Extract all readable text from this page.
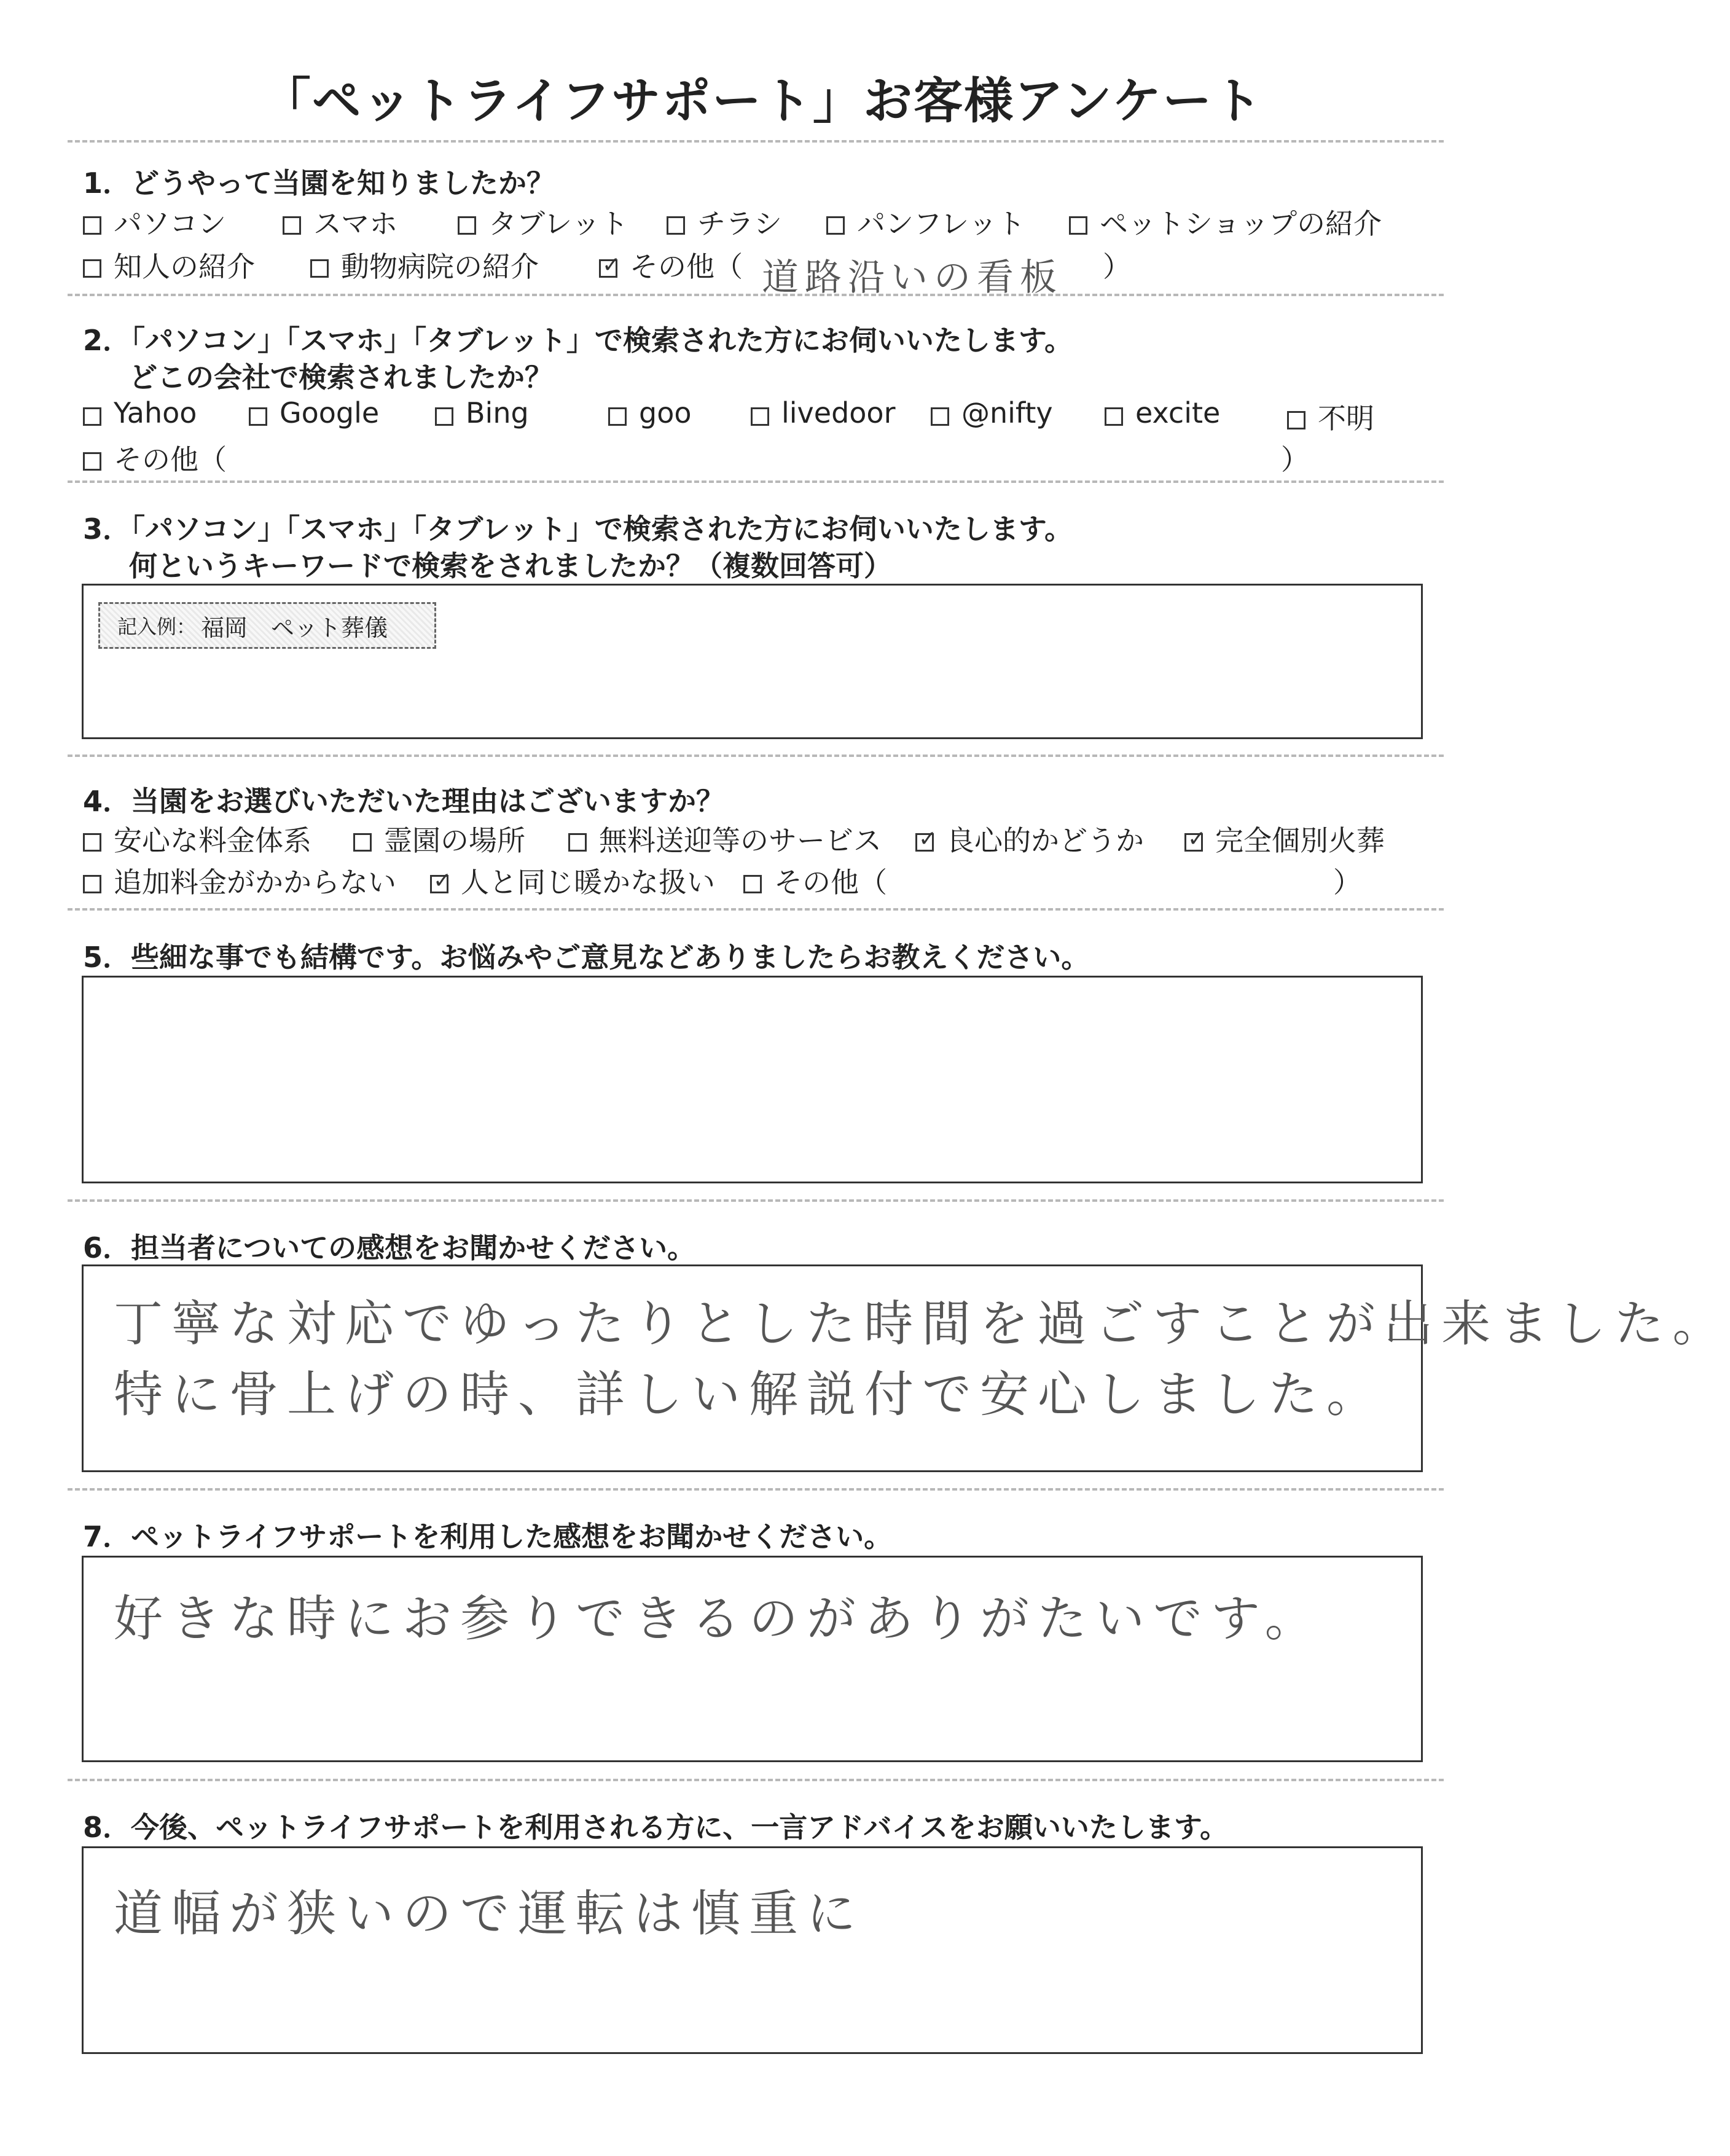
「ペットライフサポート」お客様アンケート
1．どうやって当園を知りましたか？
パソコン	スマホ	タブレット チラシ	パンフレット	ペットショップの紹介
知人の紹介	動物病院の紹介 ✓	その他（ 道路沿いの看板 ）
2．「パソコン」「スマホ」「タブレット」で検索された方にお伺いいたします。
どこの会社で検索されましたか？
Yahoo	Google	Bing	goo	livedoor @nifty	excite	不明
その他（	）
3．「パソコン」「スマホ」「タブレット」で検索された方にお伺いいたします。
何というキーワードで検索をされましたか？（複数回答可）
記入例： 福岡　ペット葬儀
4．当園をお選びいただいた理由はございますか？
安心な料金体系	霊園の場所	無料送迎等のサービス ✓ 良心的かどうか ✓	完全個別火葬
追加料金がかからない ✓ 人と同じ暖かな扱い その他（	）
5．些細な事でも結構です。お悩みやご意見などありましたらお教えください。
6．担当者についての感想をお聞かせください。
丁寧な対応でゆったりとした時間を過ごすことが出来ました。
特に骨上げの時、詳しい解説付で安心しました。
7．ペットライフサポートを利用した感想をお聞かせください。
好きな時にお参りできるのがありがたいです。
8．今後、ペットライフサポートを利用される方に、一言アドバイスをお願いいたします。
道幅が狭いので運転は慎重に
